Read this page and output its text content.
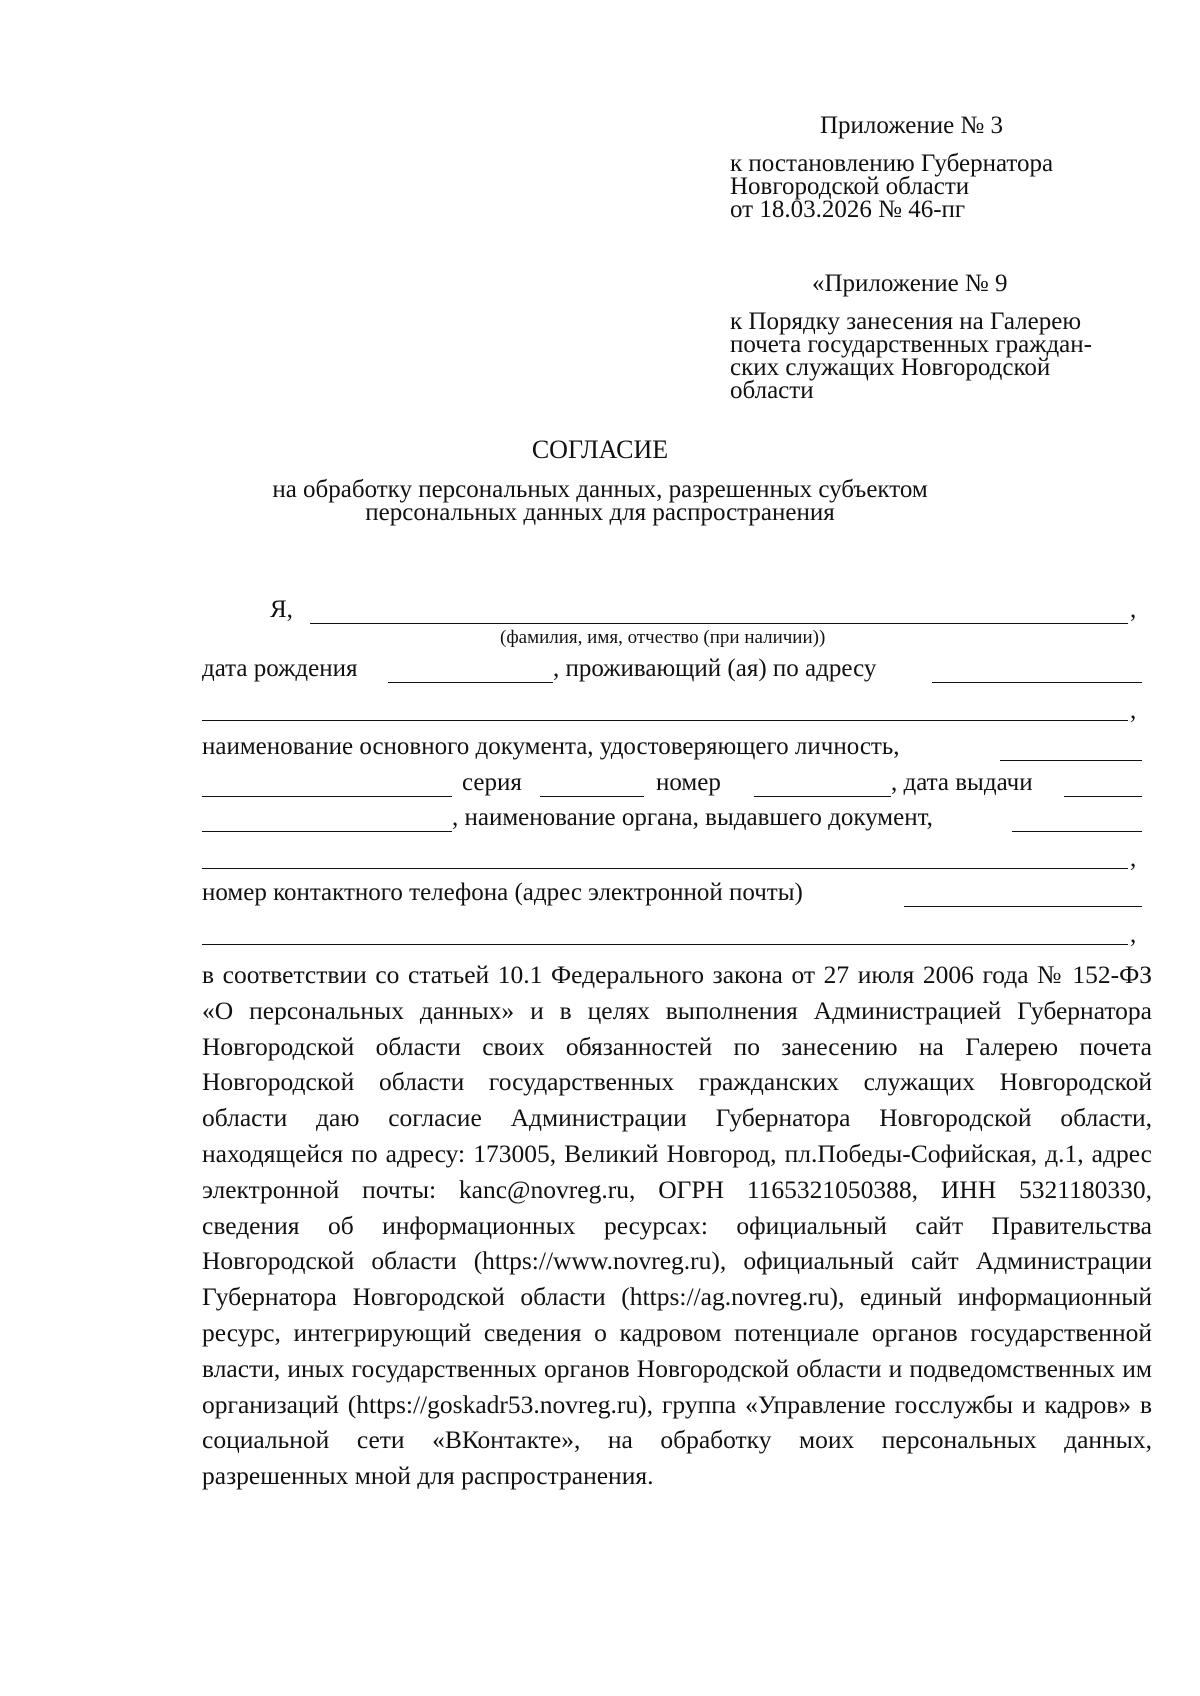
Приложение № 3
к постановлению Губернатора
Новгородской области
от 18.03.2026 № 46-пг
«Приложение № 9
к Порядку занесения на Галерею
почета государственных граждан-
ских служащих Новгородской
области
СОГЛАСИЕ
на обработку персональных данных, разрешенных субъектом
персональных данных для распространения
Я,	,
(фамилия, имя, отчество (при наличии))
дата рождения	, проживающий (ая) по адресу
,
наименование основного документа, удостоверяющего личность,
серия	номер	, дата выдачи
, наименование органа, выдавшего документ,
,
номер контактного телефона (адрес электронной почты)
,
в соответствии со статьей 10.1 Федерального закона от 27 июля 2006 года № 152-ФЗ «О персональных данных» и в целях выполнения Администрацией Губернатора Новгородской области своих обязанностей по занесению на Галерею почета Новгородской области государственных гражданских служащих Новгородской области даю согласие Администрации Губернатора Новгородской области, находящейся по адресу: 173005, Великий Новгород, пл.Победы-Софийская, д.1, адрес электронной почты: kanc@novreg.ru, ОГРН 1165321050388, ИНН 5321180330, сведения об информационных ресурсах: официальный сайт Правительства Новгородской области (https://www.novreg.ru), официальный сайт Администрации Губернатора Новгородской области (https://ag.novreg.ru), единый информационный ресурс, интегрирующий сведения о кадровом потенциале органов государственной власти, иных государственных органов Новгородской области и подведомственных им организаций (https://goskadr53.novreg.ru), группа «Управление госслужбы и кадров» в социальной сети «ВКонтакте», на обработку моих персональных данных, разрешенных мной для распространения.
